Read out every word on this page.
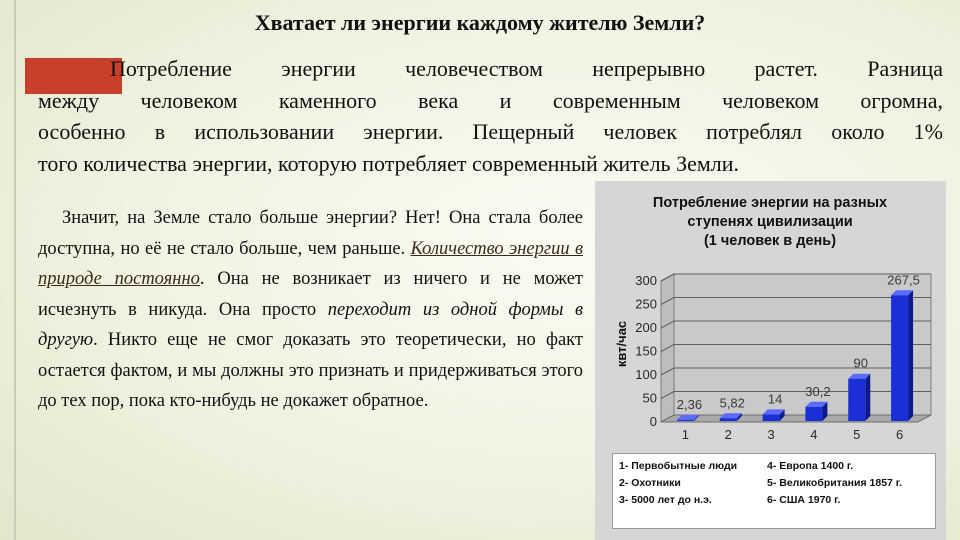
Хватает ли энергии каждому жителю Земли?
Потребление энергии человечеством непрерывно растет. Разница
между человеком каменного века и современным человеком огромна,
особенно в использовании энергии. Пещерный человек потреблял около 1%
того количества энергии, которую потребляет современный житель Земли.
Значит, на Земле стало больше энергии? Нет! Она стала более доступна, но её не стало больше, чем раньше. Количество энергии в природе постоянно. Она не возникает из ничего и не может исчезнуть в никуда. Она просто переходит из одной формы в другую. Никто еще не смог доказать это теоретически, но факт остается фактом, и мы должны это признать и придерживаться этого до тех пор, пока кто-нибудь не докажет обратное.
Потребление энергии на разных
ступенях цивилизации
(1 человек в день)
0
50
100
150
200
250
300
квт/час
2,36
1
5,82
2
14
3
30,2
4
90
5
267,5
6
1- Первобытные люди
2- Охотники
3- 5000 лет до н.э.
4- Европа 1400 г.
5- Великобритания 1857 г.
6- США 1970 г.
